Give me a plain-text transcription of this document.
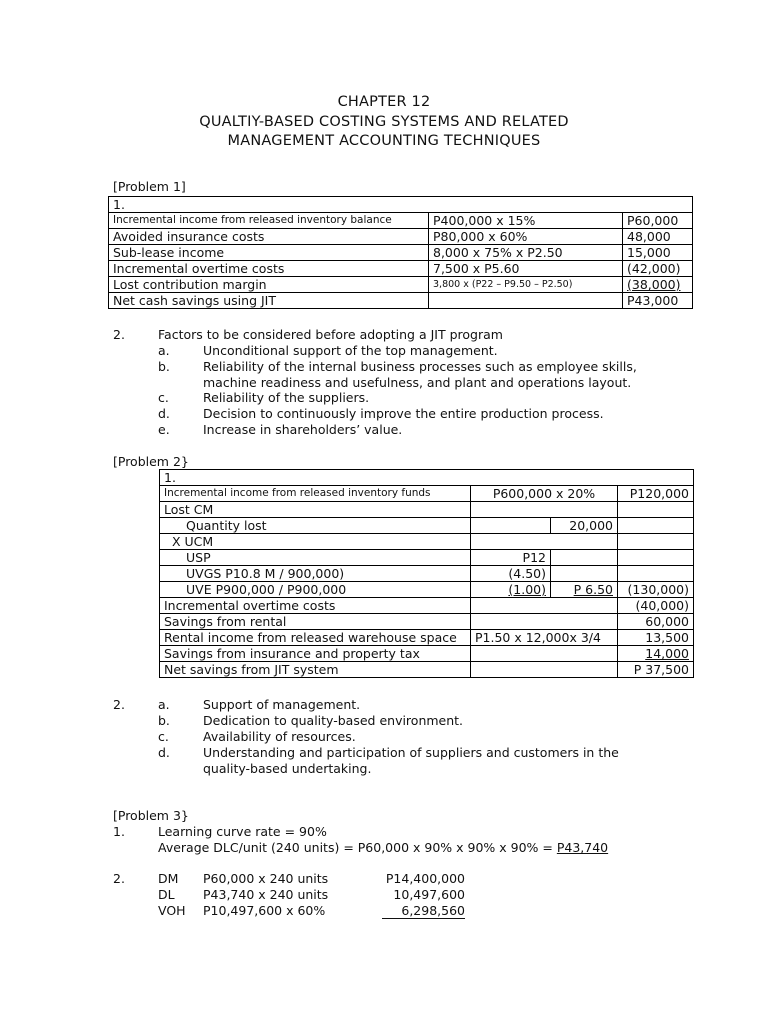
CHAPTER 12
QUALTIY-BASED COSTING SYSTEMS AND RELATED
MANAGEMENT ACCOUNTING TECHNIQUES
[Problem 1]
1.		
Incremental income from released inventory balance	P400,000 x 15%	P60,000
Avoided insurance costs	P80,000 x 60%	48,000
Sub-lease income	8,000 x 75% x P2.50	15,000
Incremental overtime costs	7,500 x P5.60	(42,000)
Lost contribution margin	3,800 x (P22 – P9.50 – P2.50)	(38,000)
Net cash savings using JIT		P43,000
2.	Factors to be considered before adopting a JIT program
a.	Unconditional support of the top management.
b.	Reliability of the internal business processes such as employee skills,
machine readiness and usefulness, and plant and operations layout.
c.	Reliability of the suppliers.
d.	Decision to continuously improve the entire production process.
e.	Increase in shareholders’ value.
[Problem 2}
1.			
Incremental income from released inventory funds	P600,000 x 20%		P120,000
Lost CM			
Quantity lost		20,000	
X UCM			
USP	P12		
UVGS P10.8 M / 900,000)	(4.50)		
UVE P900,000 / P900,000	(1.00)	P 6.50	(130,000)
Incremental overtime costs			(40,000)
Savings from rental			60,000
Rental income from released warehouse space	P1.50 x 12,000x 3/4		13,500
Savings from insurance and property tax			14,000
Net savings from JIT system			P 37,500
2.	a.	Support of management.
b.	Dedication to quality-based environment.
c.	Availability of resources.
d.	Understanding and participation of suppliers and customers in the
quality-based undertaking.
[Problem 3}
1.	Learning curve rate = 90%
Average DLC/unit (240 units) = P60,000 x 90% x 90% x 90% = P43,740
2.	DM P60,000 x 240 units	P14,400,000
DL P43,740 x 240 units	10,497,600
VOH P10,497,600 x 60%	6,298,560
